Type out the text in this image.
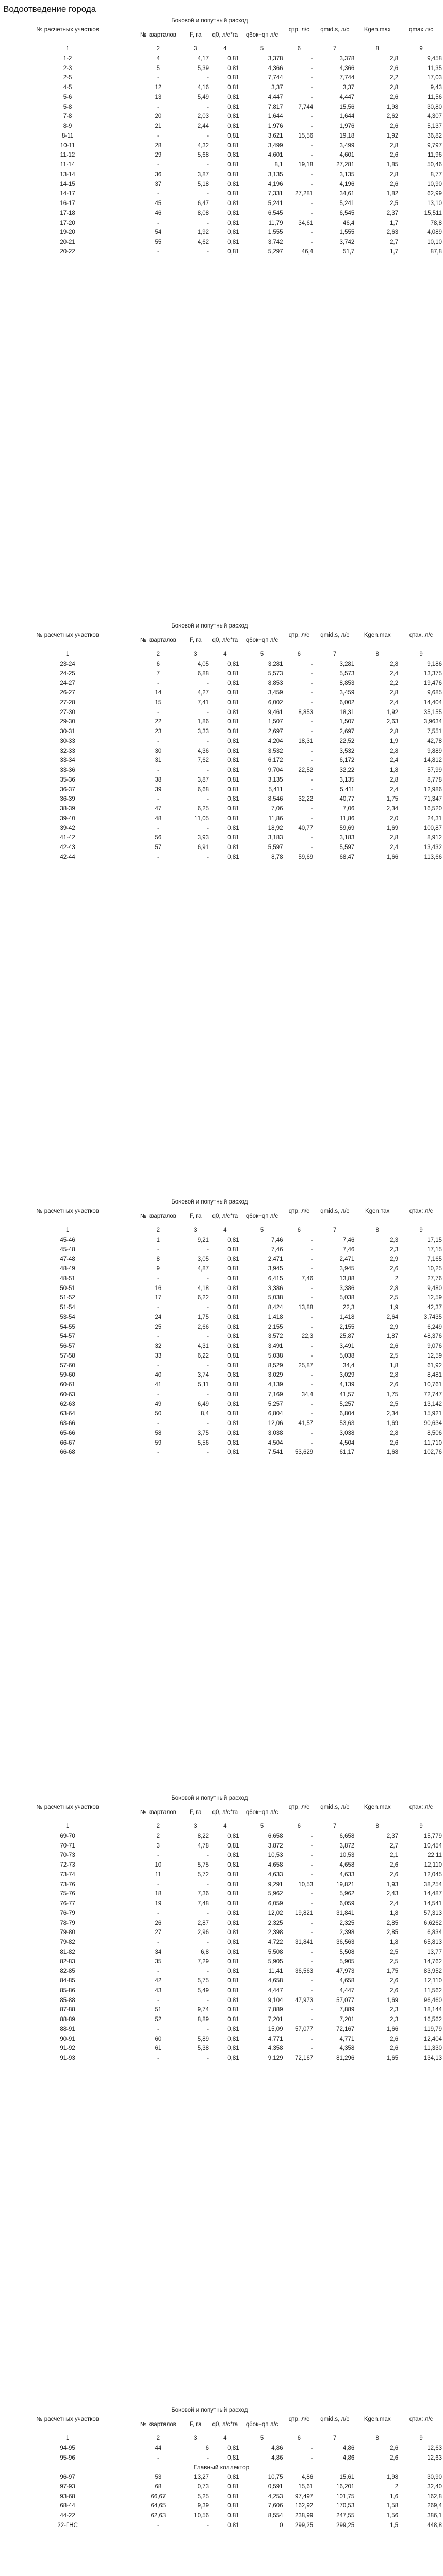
Водоотведение города
№ расчетных участков	Боковой и попутный расход				qтр, л/с	qmid.s, л/с	Kgen.max	qmax л/с
	№ кварталов	F, га	q0, л/с*га	q6ок+qп л/с				
1	2	3	4	5	6	7	8	9
1-2	4	4,17	0,81	3,378	-	3,378	2,8	9,458
2-3	5	5,39	0,81	4,366	-	4,366	2,6	11,35
2-5	-	-	0,81	7,744	-	7,744	2,2	17,03
4-5	12	4,16	0,81	3,37	-	3,37	2,8	9,43
5-6	13	5,49	0,81	4,447	-	4,447	2,6	11,56
5-8	-	-	0,81	7,817	7,744	15,56	1,98	30,80
7-8	20	2,03	0,81	1,644	-	1,644	2,62	4,307
8-9	21	2,44	0,81	1,976	-	1,976	2,6	5,137
8-11	-	-	0,81	3,621	15,56	19,18	1,92	36,82
10-11	28	4,32	0,81	3,499	-	3,499	2,8	9,797
11-12	29	5,68	0,81	4,601	-	4,601	2,6	11,96
11-14	-	-	0,81	8,1	19,18	27,281	1,85	50,46
13-14	36	3,87	0,81	3,135	-	3,135	2,8	8,77
14-15	37	5,18	0,81	4,196	-	4,196	2,6	10,90
14-17	-	-	0,81	7,331	27,281	34,61	1,82	62,99
16-17	45	6,47	0,81	5,241	-	5,241	2,5	13,10
17-18	46	8,08	0,81	6,545	-	6,545	2,37	15,511
17-20	-	-	0,81	11,79	34,61	46,4	1,7	78,8
19-20	54	1,92	0,81	1,555	-	1,555	2,63	4,089
20-21	55	4,62	0,81	3,742	-	3,742	2,7	10,10
20-22	-	-	0,81	5,297	46,4	51,7	1,7	87,8
№ расчетных участков	Боковой и попутный расход				qтр, л/с	qmid.s, л/с	Kgen.max	qтах. л/с
	№ кварталов	F, га	q0, л/с*га	q6ок+qп л/с				
1	2	3	4	5	6	7	8	9
23-24	6	4,05	0,81	3,281	-	3,281	2,8	9,186
24-25	7	6,88	0,81	5,573	-	5,573	2,4	13,375
24-27	-	-	0,81	8,853	-	8,853	2,2	19,476
26-27	14	4,27	0,81	3,459	-	3,459	2,8	9,685
27-28	15	7,41	0,81	6,002	-	6,002	2,4	14,404
27-30	-	-	0,81	9,461	8,853	18,31	1,92	35,155
29-30	22	1,86	0,81	1,507	-	1,507	2,63	3,9634
30-31	23	3,33	0,81	2,697	-	2,697	2,8	7,551
30-33	-	-	0,81	4,204	18,31	22,52	1,9	42,78
32-33	30	4,36	0,81	3,532	-	3,532	2,8	9,889
33-34	31	7,62	0,81	6,172	-	6,172	2,4	14,812
33-36	-	-	0,81	9,704	22,52	32,22	1,8	57,99
35-36	38	3,87	0,81	3,135	-	3,135	2,8	8,778
36-37	39	6,68	0,81	5,411	-	5,411	2,4	12,986
36-39	-	-	0,81	8,546	32,22	40,77	1,75	71,347
38-39	47	6,25	0,81	7,06	-	7,06	2,34	16,520
39-40	48	11,05	0,81	11,86	-	11,86	2,0	24,31
39-42	-	-	0,81	18,92	40,77	59,69	1,69	100,87
41-42	56	3,93	0,81	3,183	-	3,183	2,8	8,912
42-43	57	6,91	0,81	5,597	-	5,597	2,4	13,432
42-44	-	-	0,81	8,78	59,69	68,47	1,66	113,66
№ расчетных участков	Боковой и попутный расход				qтр, л/с	qmid.s, л/с	Kgen.тах	qтах: л/с
	№ кварталов	F, га	q0, л/с*га	q6ок+qп л/с				
1	2	3	4	5	6	7	8	9
45-46	1	9,21	0,81	7,46	-	7,46	2,3	17,15
45-48	-	-	0,81	7,46	-	7,46	2,3	17,15
47-48	8	3,05	0,81	2,471	-	2,471	2,9	7,165
48-49	9	4,87	0,81	3,945	-	3,945	2,6	10,25
48-51	-	-	0,81	6,415	7,46	13,88	2	27,76
50-51	16	4,18	0,81	3,386	-	3,386	2,8	9,480
51-52	17	6,22	0,81	5,038	-	5,038	2,5	12,59
51-54	-	-	0,81	8,424	13,88	22,3	1,9	42,37
53-54	24	1,75	0,81	1,418	-	1,418	2,64	3,7435
54-55	25	2,66	0,81	2,155	-	2,155	2,9	6,249
54-57	-	-	0,81	3,572	22,3	25,87	1,87	48,376
56-57	32	4,31	0,81	3,491	-	3,491	2,6	9,076
57-58	33	6,22	0,81	5,038	-	5,038	2,5	12,59
57-60	-	-	0,81	8,529	25,87	34,4	1,8	61,92
59-60	40	3,74	0,81	3,029	-	3,029	2,8	8,481
60-61	41	5,11	0,81	4,139	-	4,139	2,6	10,761
60-63	-	-	0,81	7,169	34,4	41,57	1,75	72,747
62-63	49	6,49	0,81	5,257	-	5,257	2,5	13,142
63-64	50	8,4	0,81	6,804	-	6,804	2,34	15,921
63-66	-	-	0,81	12,06	41,57	53,63	1,69	90,634
65-66	58	3,75	0,81	3,038	-	3,038	2,8	8,506
66-67	59	5,56	0,81	4,504	-	4,504	2,6	11,710
66-68	-	-	0,81	7,541	53,629	61,17	1,68	102,76
№ расчетных участков	Боковой и попутный расход				qтр, л/с	qmid.s, л/с	Kgen.max	qтах: л/с
	№ кварталов	F, га	q0, л/с*га	q6ок+qп л/с				
1	2	3	4	5	6	7	8	9
69-70	2	8,22	0,81	6,658	-	6,658	2,37	15,779
70-71	3	4,78	0,81	3,872	-	3,872	2,7	10,454
70-73	-	-	0,81	10,53	-	10,53	2,1	22,11
72-73	10	5,75	0,81	4,658	-	4,658	2,6	12,110
73-74	11	5,72	0,81	4,633	-	4,633	2,6	12,045
73-76	-	-	0,81	9,291	10,53	19,821	1,93	38,254
75-76	18	7,36	0,81	5,962	-	5,962	2,43	14,487
76-77	19	7,48	0,81	6,059	-	6,059	2,4	14,541
76-79	-	-	0,81	12,02	19,821	31,841	1,8	57,313
78-79	26	2,87	0,81	2,325	-	2,325	2,85	6,6262
79-80	27	2,96	0,81	2,398	-	2,398	2,85	6,834
79-82	-	-	0,81	4,722	31,841	36,563	1,8	65,813
81-82	34	6,8	0,81	5,508	-	5,508	2,5	13,77
82-83	35	7,29	0,81	5,905	-	5,905	2,5	14,762
82-85	-	-	0,81	11,41	36,563	47,973	1,75	83,952
84-85	42	5,75	0,81	4,658	-	4,658	2,6	12,110
85-86	43	5,49	0,81	4,447	-	4,447	2,6	11,562
85-88	-	-	0,81	9,104	47,973	57,077	1,69	96,460
87-88	51	9,74	0,81	7,889	-	7,889	2,3	18,144
88-89	52	8,89	0,81	7,201	-	7,201	2,3	16,562
88-91	-	-	0,81	15,09	57,077	72,167	1,66	119,79
90-91	60	5,89	0,81	4,771	-	4,771	2,6	12,404
91-92	61	5,38	0,81	4,358	-	4,358	2,6	11,330
91-93	-	-	0,81	9,129	72,167	81,296	1,65	134,13
№ расчетных участков	Боковой и попутный расход				qтр, л/с	qmid.s, л/с	Kgen.max	qтах: л/с
	№ кварталов	F, га	q0, л/с*га	q6ок+qп л/с				
1	2	3	4	5	6	7	8	9
94-95	44	6	0,81	4,86	-	4,86	2,6	12,63
95-96	-	-	0,81	4,86	-	4,86	2,6	12,63
Главный коллектор								
96-97	53	13,27	0,81	10,75	4,86	15,61	1,98	30,90
97-93	68	0,73	0,81	0,591	15,61	16,201	2	32,40
93-68	66,67	5,25	0,81	4,253	97,497	101,75	1,6	162,8
68-44	64,65	9,39	0,81	7,606	162,92	170,53	1,58	269,4
44-22	62,63	10,56	0,81	8,554	238,99	247,55	1,56	386,1
22-ГНС	-	-	0,81	0	299,25	299,25	1,5	448,8
